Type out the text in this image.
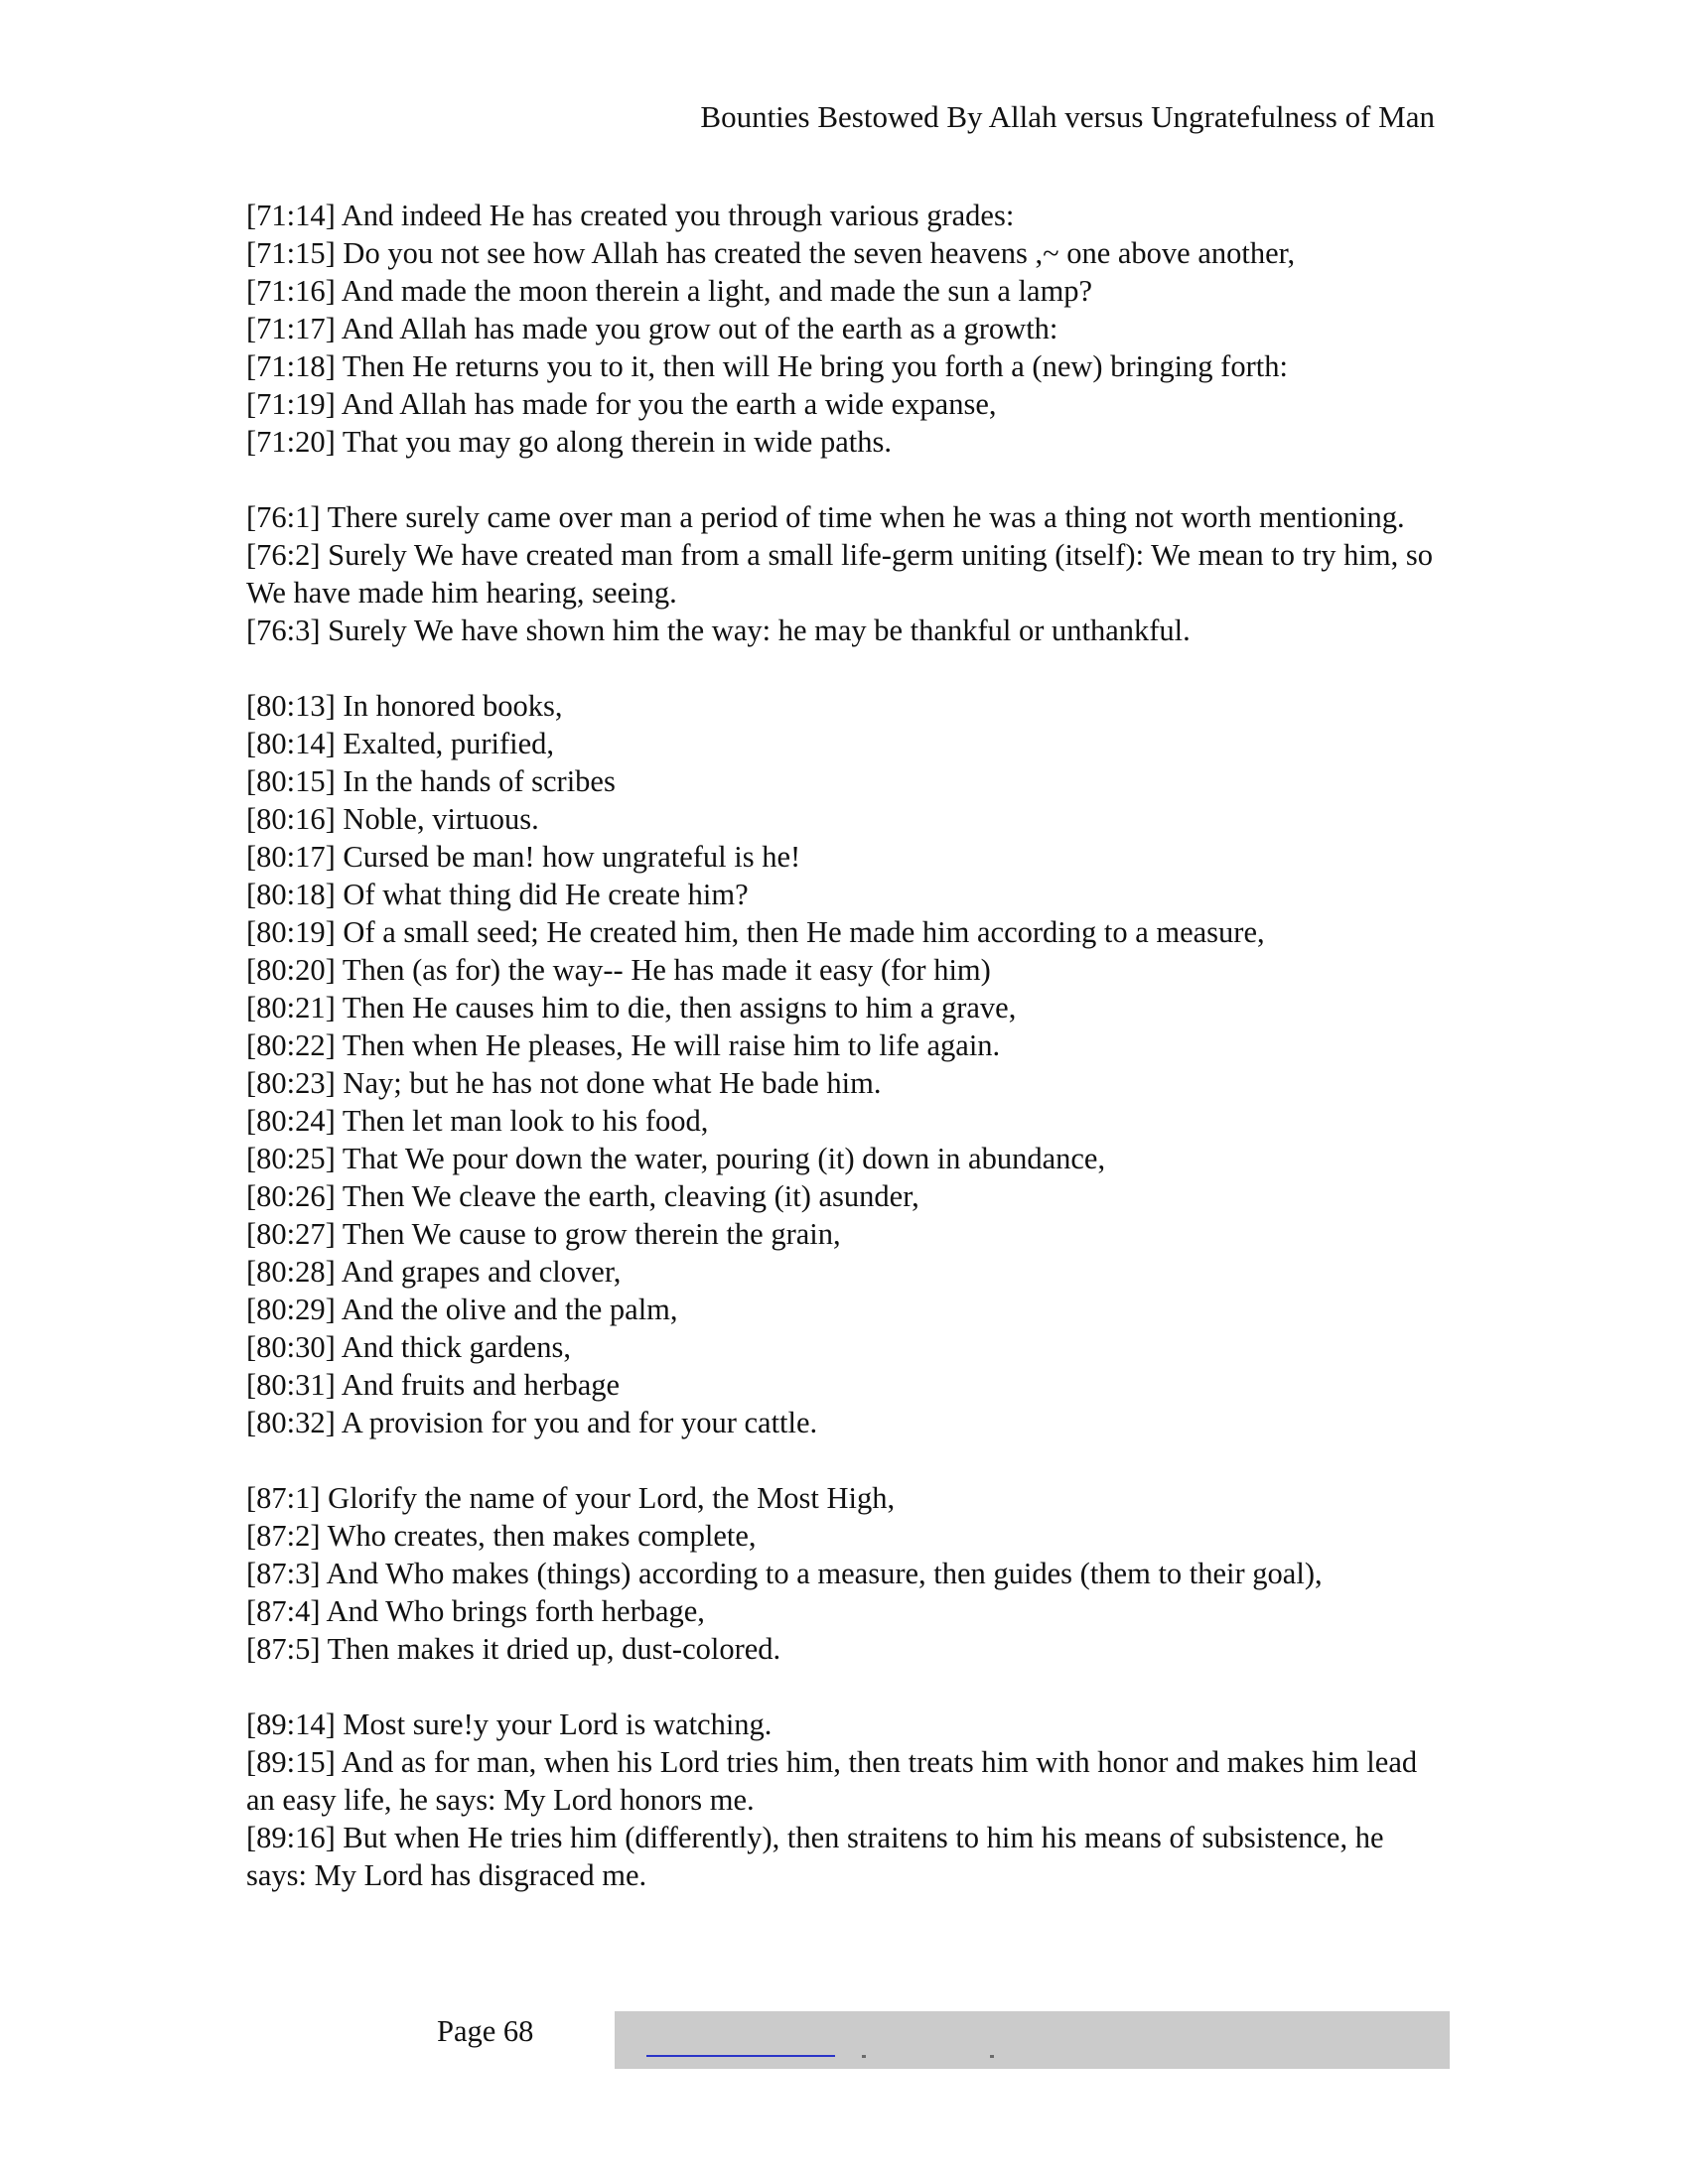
Bounties Bestowed By Allah versus Ungratefulness of Man
[71:14] And indeed He has created you through various grades:
[71:15] Do you not see how Allah has created the seven heavens ,~ one above another,
[71:16] And made the moon therein a light, and made the sun a lamp?
[71:17] And Allah has made you grow out of the earth as a growth:
[71:18] Then He returns you to it, then will He bring you forth a (new) bringing forth:
[71:19] And Allah has made for you the earth a wide expanse,
[71:20] That you may go along therein in wide paths.
[76:1] There surely came over man a period of time when he was a thing not worth mentioning.
[76:2] Surely We have created man from a small life-germ uniting (itself): We mean to try him, so We have made him hearing, seeing.
[76:3] Surely We have shown him the way: he may be thankful or unthankful.
[80:13] In honored books,
[80:14] Exalted, purified,
[80:15] In the hands of scribes
[80:16] Noble, virtuous.
[80:17] Cursed be man! how ungrateful is he!
[80:18] Of what thing did He create him?
[80:19] Of a small seed; He created him, then He made him according to a measure,
[80:20] Then (as for) the way-- He has made it easy (for him)
[80:21] Then He causes him to die, then assigns to him a grave,
[80:22] Then when He pleases, He will raise him to life again.
[80:23] Nay; but he has not done what He bade him.
[80:24] Then let man look to his food,
[80:25] That We pour down the water, pouring (it) down in abundance,
[80:26] Then We cleave the earth, cleaving (it) asunder,
[80:27] Then We cause to grow therein the grain,
[80:28] And grapes and clover,
[80:29] And the olive and the palm,
[80:30] And thick gardens,
[80:31] And fruits and herbage
[80:32] A provision for you and for your cattle.
[87:1] Glorify the name of your Lord, the Most High,
[87:2] Who creates, then makes complete,
[87:3] And Who makes (things) according to a measure, then guides (them to their goal),
[87:4] And Who brings forth herbage,
[87:5] Then makes it dried up, dust-colored.
[89:14] Most sure!y your Lord is watching.
[89:15] And as for man, when his Lord tries him, then treats him with honor and makes him lead an easy life, he says: My Lord honors me.
[89:16] But when He tries him (differently), then straitens to him his means of subsistence, he says: My Lord has disgraced me.
Page 68
